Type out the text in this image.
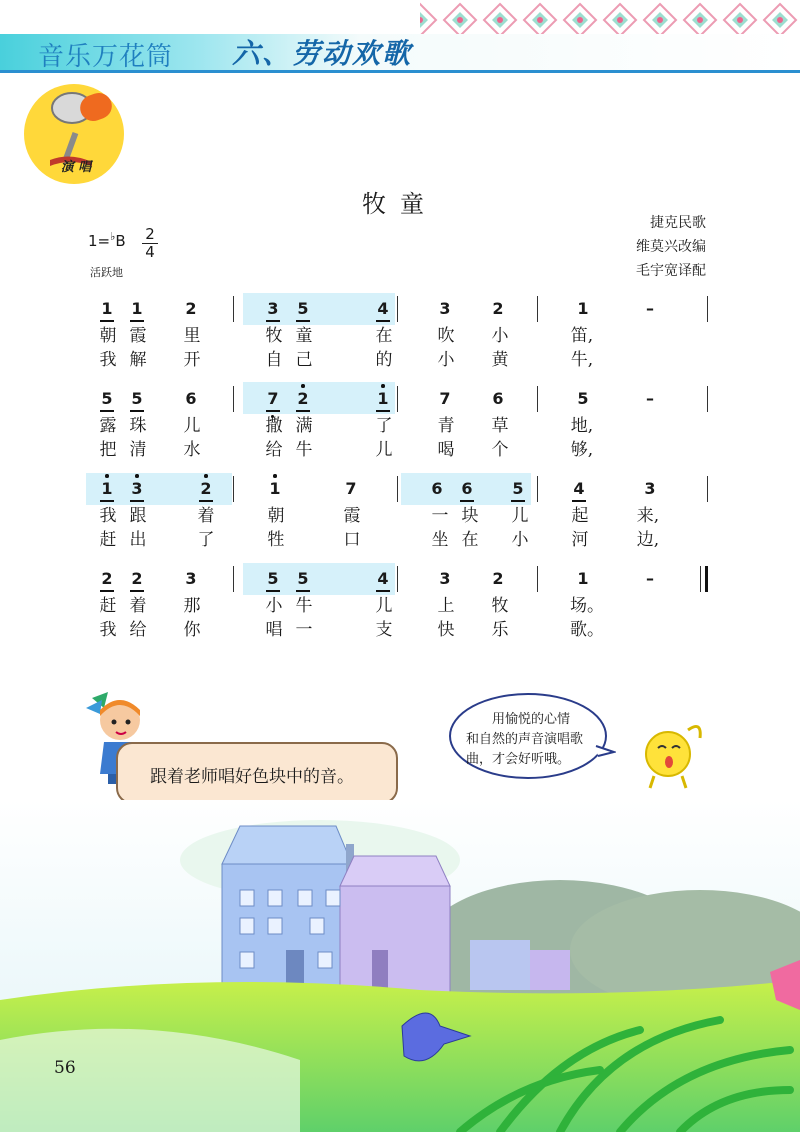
音乐万花筒 六、劳动欢歌
演 唱
牧童
捷克民歌
维莫兴改编
毛宇宽译配
1=♭B 2
4
活跃地
1 1	2	3 5	4	3	2	1	–
朝 霞 里	牧 童	在	吹 小	笛,
我 解 开	自 己	的	小 黄	牛,
5 5	6	7 2	1	7	6	5	–
露 珠 儿	撒 满	了	青 草	地,
把 清 水	给 牛	儿	喝 个	够,
1 3	2	1	7	6 6 5	4	3
我 跟	着	朝	霞	一 块 儿	起	来,
赶 出	了	牲	口	坐 在 小	河	边,
2 2	3	5 5	4	3	2	1	–
赶 着 那	小 牛	儿	上 牧	场。
我 给 你	唱 一	支	快 乐	歌。
跟着老师唱好色块中的音。
用愉悦的心情
和自然的声音演唱歌
曲，才会好听哦。
56
